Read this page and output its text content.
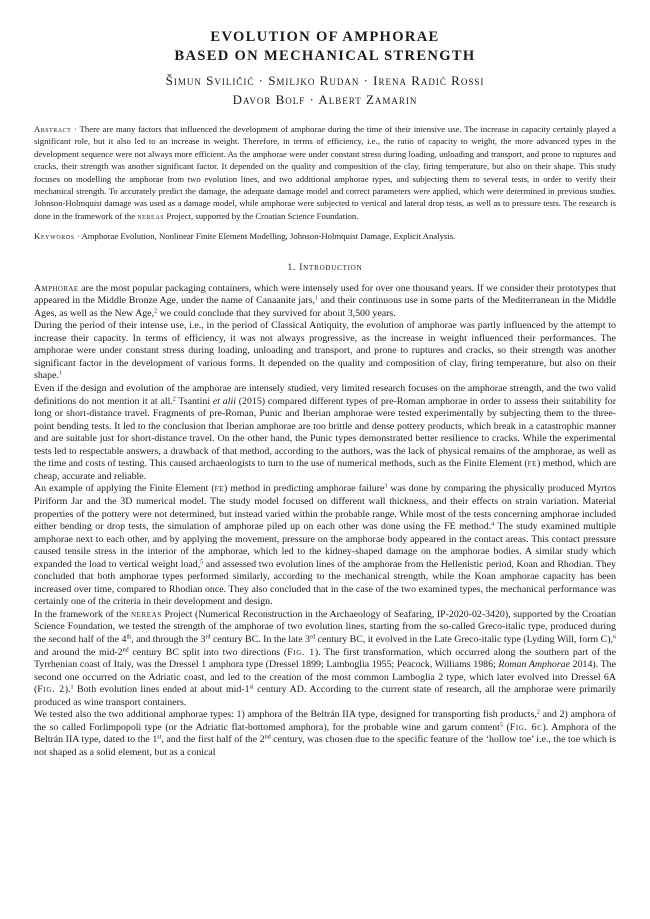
EVOLUTION OF AMPHORAE
BASED ON MECHANICAL STRENGTH
Šimun Sviličić · Smiljko Rudan · Irena Radić Rossi
Davor Bolf · Albert Zamarin
Abstract · There are many factors that influenced the development of amphorae during the time of their intensive use. The increase in capacity certainly played a significant role, but it also led to an increase in weight. Therefore, in terms of efficiency, i.e., the ratio of capacity to weight, the more advanced types in the development sequence were not always more efficient. As the amphorae were under constant stress during loading, unloading and transport, and prone to ruptures and cracks, their strength was another significant factor. It depended on the quality and composition of the clay, firing temperature, but also on their shape. This study focuses on modelling the amphorae from two evolution lines, and two additional amphorae types, and subjecting them to several tests, in order to verify their mechanical strength. To accurately predict the damage, the adequate damage model and correct parameters were applied, which were determined in previous studies. Johnson-Holmquist damage was used as a damage model, while amphorae were subjected to vertical and lateral drop tests, as well as to pressure tests. The research is done in the framework of the nereas Project, supported by the Croatian Science Foundation.
Keywords · Amphorae Evolution, Nonlinear Finite Element Modelling, Johnson-Holmquist Damage, Explicit Analysis.
1. Introduction

Amphorae are the most popular packaging containers, which were intensely used for over one thousand years. If we consider their prototypes that appeared in the Middle Bronze Age, under the name of Canaanite jars,$^1$ and their continuous use in some parts of the Mediterranean in the Middle Ages, as well as the New Age,$^2$ we could conclude that they survived for about 3,500 years.

During the period of their intense use, i.e., in the period of Classical Antiquity, the evolution of amphorae was partly influenced by the attempt to increase their capacity. In terms of efficiency, it was not always progressive, as the increase in weight influenced their performances. The amphorae were under constant stress during loading, unloading and transport, and prone to ruptures and cracks, so their strength was another significant factor in the development of various forms. It depended on the quality and composition of clay, firing temperature, but also on their shape.$^1$

Even if the design and evolution of the amphorae are intensely studied, very limited research focuses on the amphorae strength, and the two valid definitions do not mention it at all.$^2$ Tsantini et alii (2015) compared different types of pre-Roman amphorae in order to assess their suitability for long or short-distance travel. Fragments of pre-Roman, Punic and Iberian amphorae were tested experimentally by subjecting them to the three-point bending tests. It led to the conclusion that Iberian amphorae are too brittle and dense pottery products, which break in a catastrophic manner and are suitable just for short-distance travel. On the other hand, the Punic types demonstrated better resilience to cracks. While the experimental tests led to respectable answers, a drawback of that method, according to the authors, was the lack of physical remains of the amphorae, as well as the time and costs of testing. This caused archaeologists to turn to the use of numerical methods, such as the Finite Element (fe) method, which are cheap, accurate and reliable.

An example of applying the Finite Element (fe) method in predicting amphorae failure$^3$ was done by comparing the physically produced Myrtos Piriform Jar and the 3D numerical model. The study model focused on different wall thickness, and their effects on strain variation. Material properties of the pottery were not determined, but instead varied within the probable range. While most of the tests concerning amphorae included either bending or drop tests, the simulation of amphorae piled up on each other was done using the FE method.$^4$ The study examined multiple amphorae next to each other, and by applying the movement, pressure on the amphorae body appeared in the contact areas. This contact pressure caused tensile stress in the interior of the amphorae, which led to the kidney-shaped damage on the amphorae bodies. A similar study which expanded the load to vertical weight load,$^5$ and assessed two evolution lines of the amphorae from the Hellenistic period, Koan and Rhodian. They concluded that both amphorae types performed similarly, according to the mechanical strength, while the Koan amphorae capacity has been increased over time, compared to Rhodian once. They also concluded that in the case of the two examined types, the mechanical performance was certainly one of the criteria in their development and design.

In the framework of the nereas Project (Numerical Reconstruction in the Archaeology of Seafaring, IP-2020-02-3420), supported by the Croatian Science Foundation, we tested the strength of the amphorae of two evolution lines, starting from the so-called Greco-italic type, produced during the second half of the 4th, and through the 3rd century BC. In the late 3rd century BC, it evolved in the Late Greco-italic type (Lyding Will, form C),$^6$ and around the mid-2nd century BC split into two directions (Fig. 1). The first transformation, which occurred along the southern part of the Tyrrhenian coast of Italy, was the Dressel 1 amphora type (Dressel 1899; Lamboglia 1955; Peacock, Williams 1986; Roman Amphorae 2014). The second one occurred on the Adriatic coast, and led to the creation of the most common Lamboglia 2 type, which later evolved into Dressel 6A (Fig. 2).$^1$ Both evolution lines ended at about mid-1st century AD. According to the current state of research, all the amphorae were primarily produced as wine transport containers.

We tested also the two additional amphorae types: 1) amphora of the Beltrán IIA type, designed for transporting fish products,$^2$ and 2) amphora of the so called Forlimpopoli type (or the Adriatic flat-bottomed amphora), for the probable wine and garum content$^5$ (Fig. 6c). Amphora of the Beltrán IIA type, dated to the 1st, and the first half of the 2nd century, was chosen due to the specific feature of the ‘hollow toe’ i.e., the toe which is not shaped as a solid element, but as a conical
